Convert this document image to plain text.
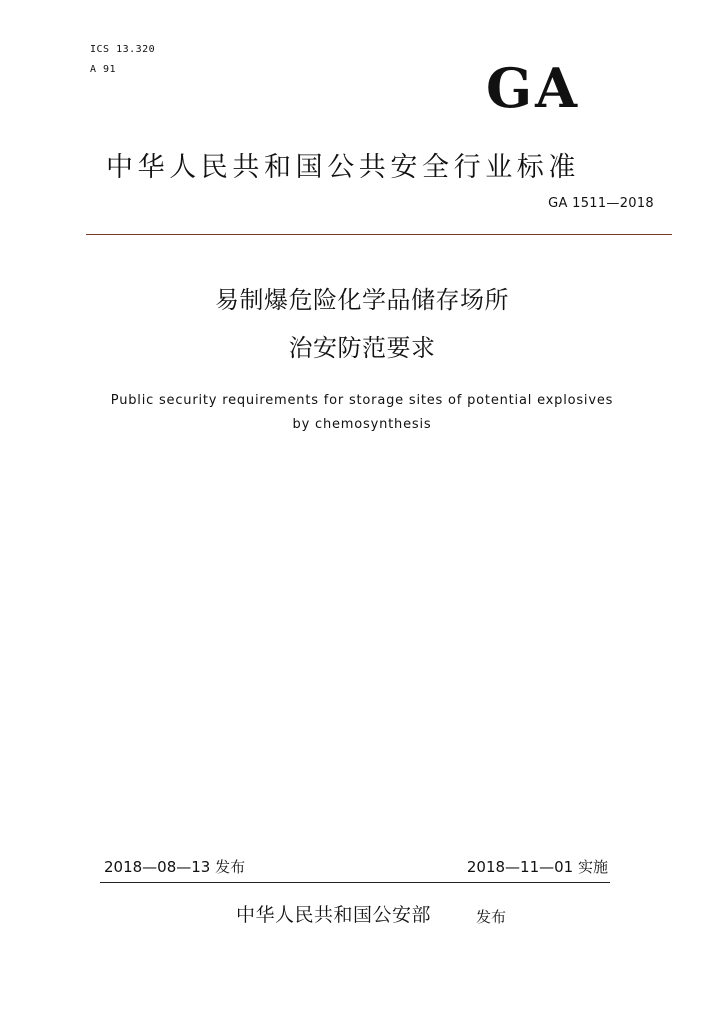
ICS 13.320
A 91	GA
中华人民共和国公共安全行业标准
GA 1511—2018
易制爆危险化学品储存场所
治安防范要求
Public security requirements for storage sites of potential explosives
by chemosynthesis
2018—08—13 发布	2018—11—01 实施
中华人民共和国公安部	发布
